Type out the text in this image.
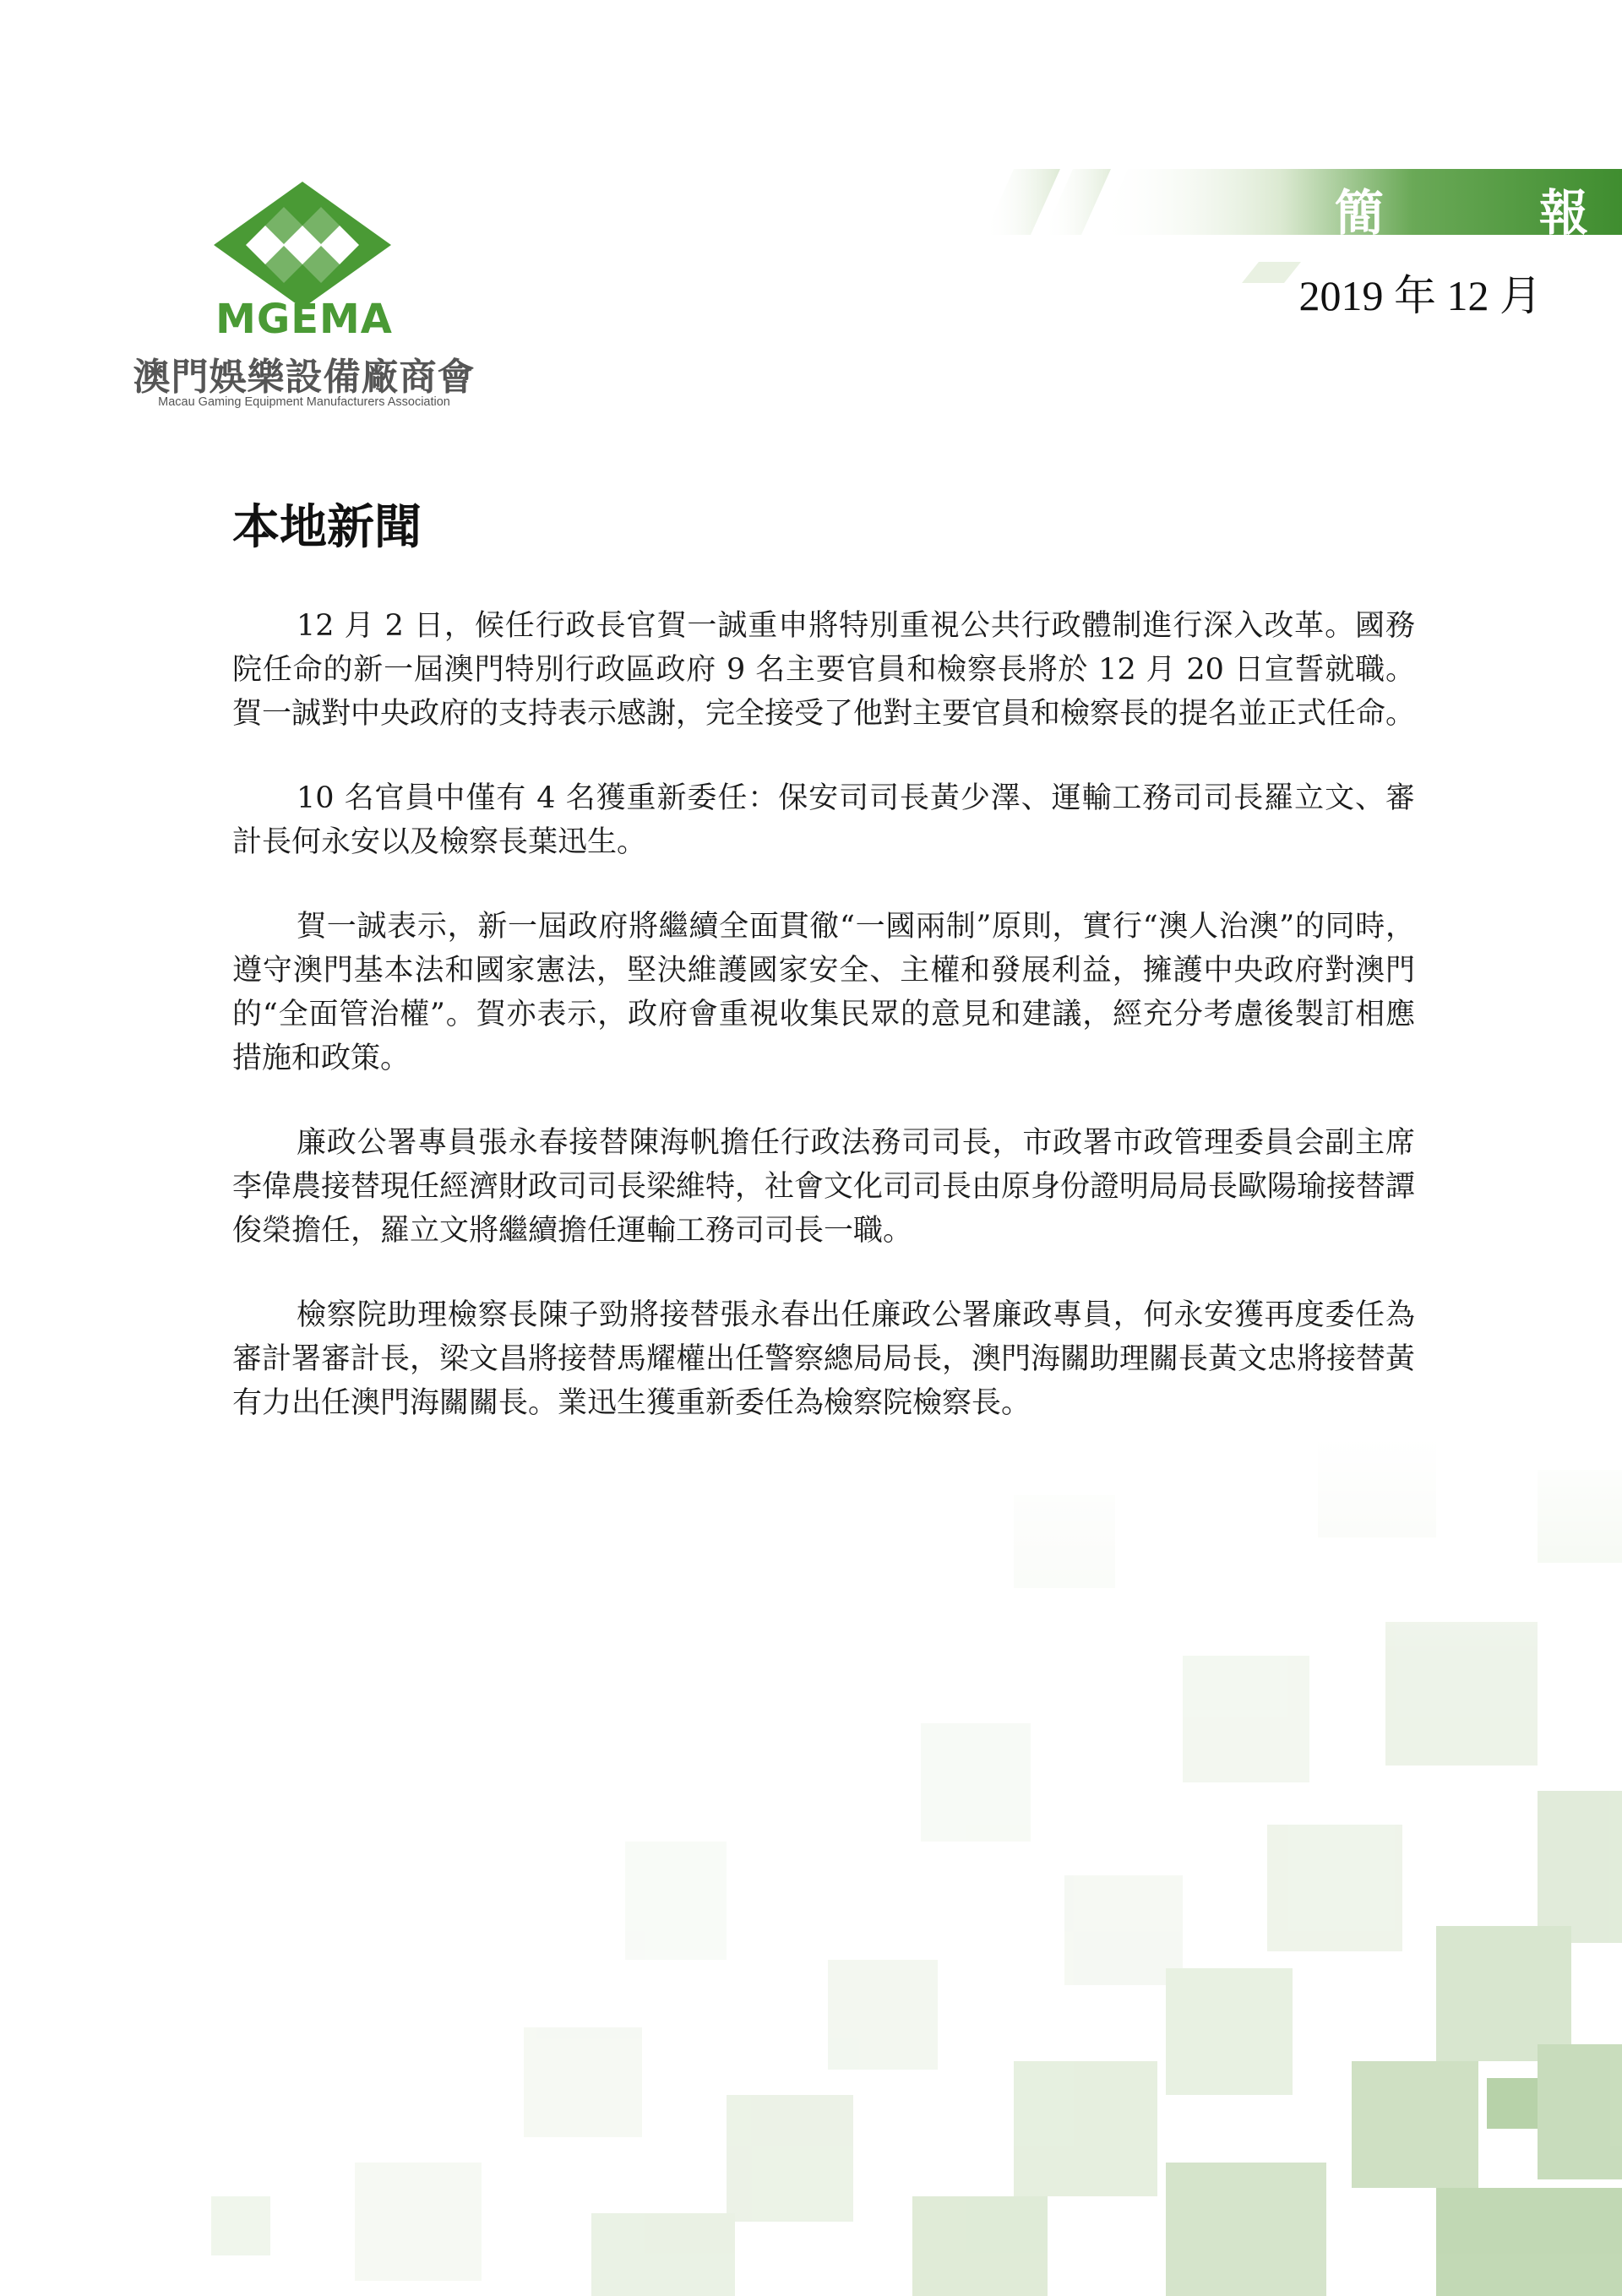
簡	報
2019 年 12 月
MGEMA
澳門娛樂設備廠商會
Macau Gaming Equipment Manufacturers Association
本地新聞

12 月 2 日，候任行政長官賀一誠重申將特別重視公共行政體制進行深入改革。國務院任命的新一屆澳門特別行政區政府 9 名主要官員和檢察長將於 12 月 20 日宣誓就職。賀一誠對中央政府的支持表示感謝，完全接受了他對主要官員和檢察長的提名並正式任命。

10 名官員中僅有 4 名獲重新委任：保安司司長黃少澤、運輸工務司司長羅立文、審計長何永安以及檢察長葉迅生。

賀一誠表示，新一屆政府將繼續全面貫徹“一國兩制”原則，實行“澳人治澳”的同時，遵守澳門基本法和國家憲法，堅決維護國家安全、主權和發展利益，擁護中央政府對澳門的“全面管治權”。賀亦表示，政府會重視收集民眾的意見和建議，經充分考慮後製訂相應措施和政策。

廉政公署專員張永春接替陳海帆擔任行政法務司司長，市政署市政管理委員会副主席李偉農接替現任經濟財政司司長梁維特，社會文化司司長由原身份證明局局長歐陽瑜接替譚俊榮擔任，羅立文將繼續擔任運輸工務司司長一職。

檢察院助理檢察長陳子勁將接替張永春出任廉政公署廉政專員，何永安獲再度委任為審計署審計長，梁文昌將接替馬耀權出任警察總局局長，澳門海關助理關長黃文忠將接替黃有力出任澳門海關關長。業迅生獲重新委任為檢察院檢察長。
